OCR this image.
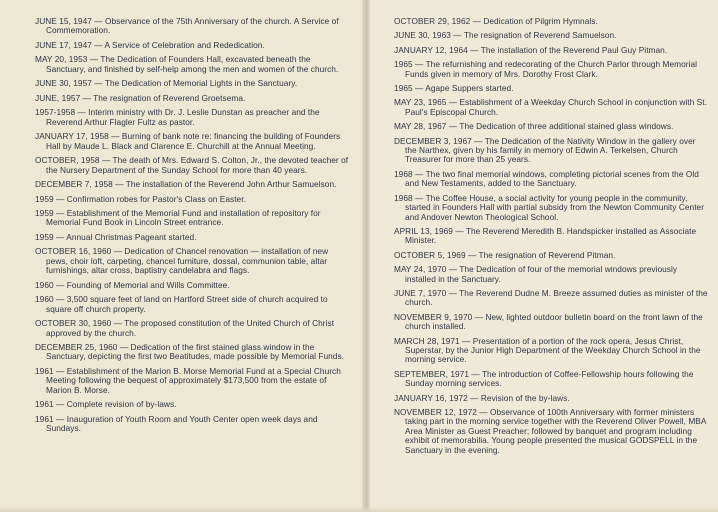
JUNE 15, 1947 — Observance of the 75th Anniversary of the church. A Service of Commemoration.
JUNE 17, 1947 — A Service of Celebration and Rededication.
MAY 20, 1953 — The Dedication of Founders Hall, excavated beneath the Sanctuary, and finished by self-help among the men and women of the church.
JUNE 30, 1957 — The Dedication of Memorial Lights in the Sanctuary.
JUNE, 1957 — The resignation of Reverend Groetsema.
1957-1958 — Interim ministry with Dr. J. Leslie Dunstan as preacher and the Reverend Arthur Flagler Fultz as pastor.
JANUARY 17, 1958 — Burning of bank note re: financing the building of Founders Hall by Maude L. Black and Clarence E. Churchill at the Annual Meeting.
OCTOBER, 1958 — The death of Mrs. Edward S. Colton, Jr., the devoted teacher of the Nursery Department of the Sunday School for more than 40 years.
DECEMBER 7, 1958 — The installation of the Reverend John Arthur Samuelson.
1959 — Confirmation robes for Pastor's Class on Easter.
1959 — Establishment of the Memorial Fund and installation of repository for Memorial Fund Book in Lincoln Street entrance.
1959 — Annual Christmas Pageant started.
OCTOBER 16, 1960 — Dedication of Chancel renovation — installation of new pews, choir loft, carpeting, chancel furniture, dossal, communion table, altar furnishings, altar cross, baptistry candelabra and flags.
1960 — Founding of Memorial and Wills Committee.
1960 — 3,500 square feet of land on Hartford Street side of church acquired to square off church property.
OCTOBER 30, 1960 — The proposed constitution of the United Church of Christ approved by the church.
DECEMBER 25, 1960 — Dedication of the first stained glass window in the Sanctuary, depicting the first two Beatitudes, made possible by Memorial Funds.
1961 — Establishment of the Marion B. Morse Memorial Fund at a Special Church Meeting following the bequest of approximately $173,500 from the estate of Marion B. Morse.
1961 — Complete revision of by-laws.
1961 — Inauguration of Youth Room and Youth Center open week days and Sundays.
OCTOBER 29, 1962 — Dedication of Pilgrim Hymnals.
JUNE 30, 1963 — The resignation of Reverend Samuelson.
JANUARY 12, 1964 — The installation of the Reverend Paul Guy Pitman.
1965 — The refurnishing and redecorating of the Church Parlor through Memorial Funds given in memory of Mrs. Dorothy Frost Clark.
1965 — Agape Suppers started.
MAY 23, 1965 — Establishment of a Weekday Church School in conjunction with St. Paul's Episcopal Church.
MAY 28, 1967 — The Dedication of three additional stained glass windows.
DECEMBER 3, 1967 — The Dedication of the Nativity Window in the gallery over the Narthex, given by his family in memory of Edwin A. Terkelsen, Church Treasurer for more than 25 years.
1968 — The two final memorial windows, completing pictorial scenes from the Old and New Testaments, added to the Sanctuary.
1968 — The Coffee House, a social activity for young people in the community, started in Founders Hall with partial subsidy from the Newton Community Center and Andover Newton Theological School.
APRIL 13, 1969 — The Reverend Meredith B. Handspicker installed as Associate Minister.
OCTOBER 5, 1969 — The resignation of Reverend Pitman.
MAY 24, 1970 — The Dedication of four of the memorial windows previously installed in the Sanctuary.
JUNE 7, 1970 — The Reverend Dudne M. Breeze assumed duties as minister of the church.
NOVEMBER 9, 1970 — New, lighted outdoor bulletin board on the front lawn of the church installed.
MARCH 28, 1971 — Presentation of a portion of the rock opera, Jesus Christ, Superstar, by the Junior High Department of the Weekday Church School in the morning service.
SEPTEMBER, 1971 — The introduction of Coffee-Fellowship hours following the Sunday morning services.
JANUARY 16, 1972 — Revision of the by-laws.
NOVEMBER 12, 1972 — Observance of 100th Anniversary with former ministers taking part in the morning service together with the Reverend Oliver Powell, MBA Area Minister as Guest Preacher; followed by banquet and program including exhibit of memorabilia. Young people presented the musical GODSPELL in the Sanctuary in the evening.
